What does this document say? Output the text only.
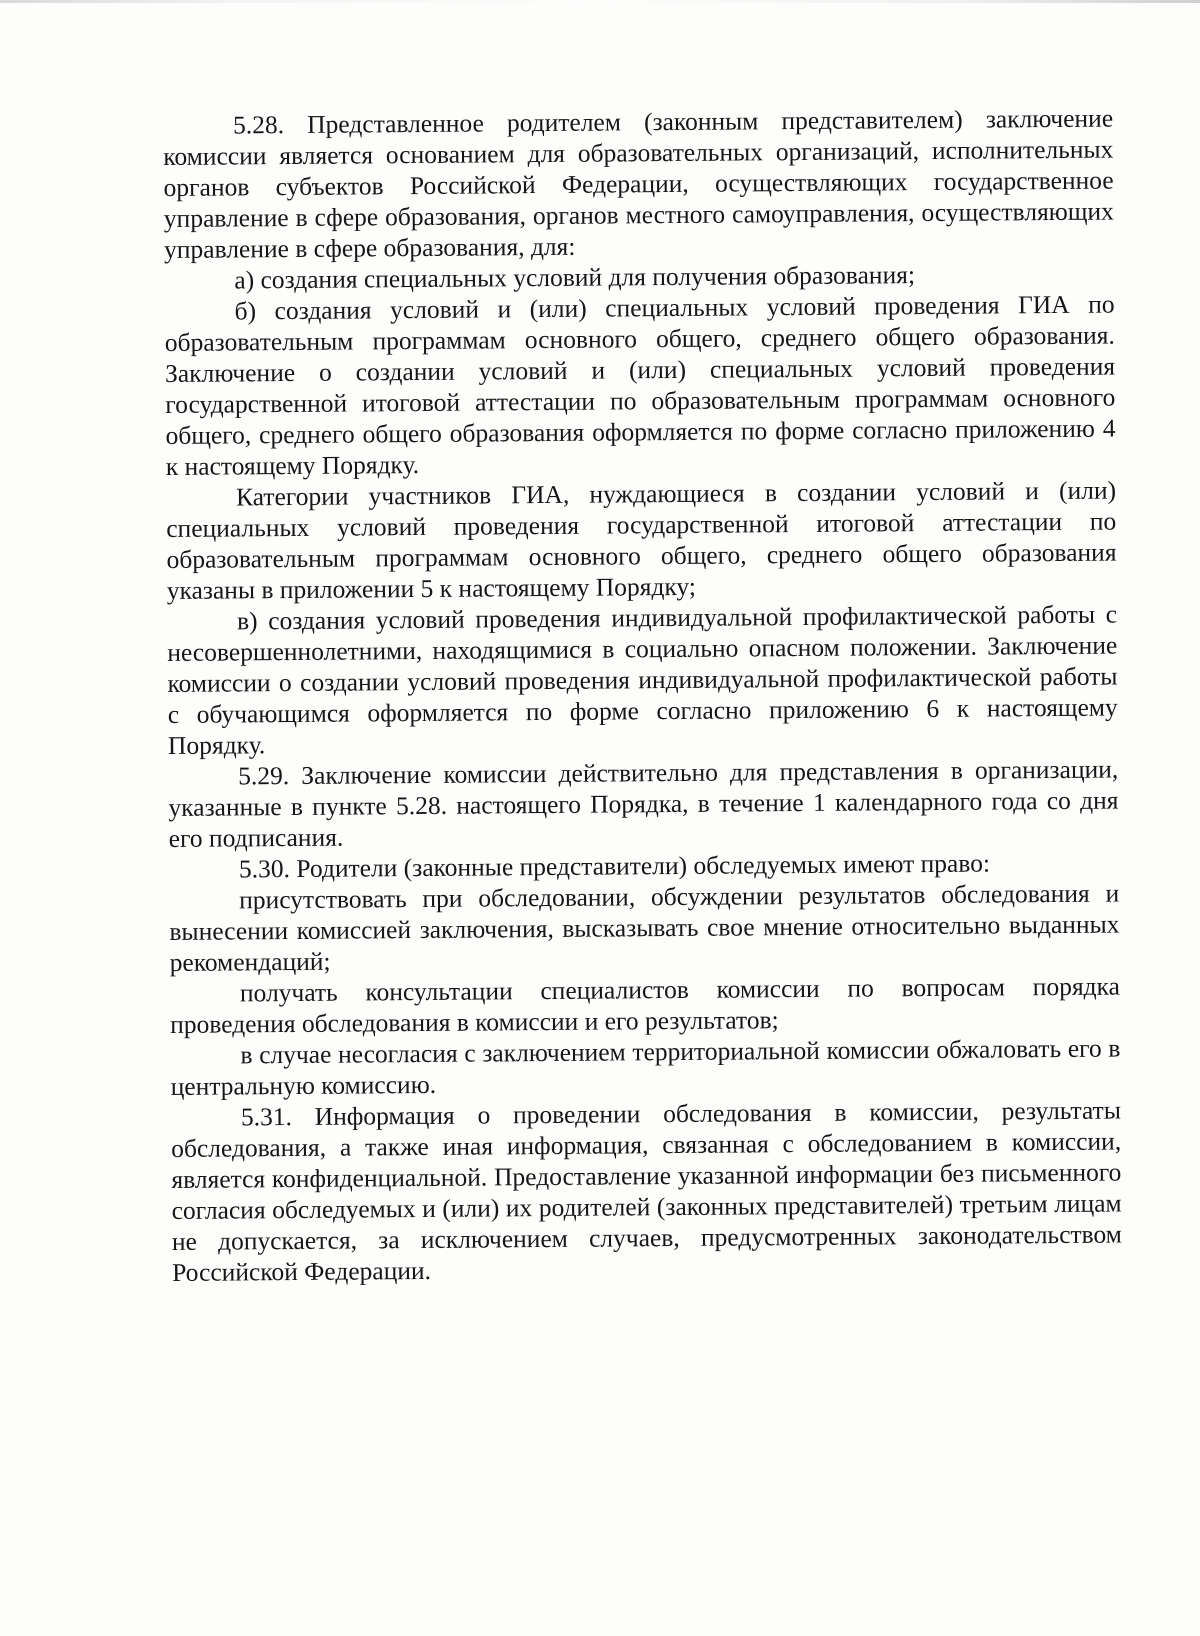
5.28. Представленное родителем (законным представителем) заключение комиссии является основанием для образовательных организаций, исполнительных органов субъектов Российской Федерации, осуществляющих государственное управление в сфере образования, органов местного самоуправления, осуществляющих управление в сфере образования, для:

а) создания специальных условий для получения образования;

б) создания условий и (или) специальных условий проведения ГИА по образовательным программам основного общего, среднего общего образования. Заключение о создании условий и (или) специальных условий проведения государственной итоговой аттестации по образовательным программам основного общего, среднего общего образования оформляется по форме согласно приложению 4 к настоящему Порядку.

Категории участников ГИА, нуждающиеся в создании условий и (или) специальных условий проведения государственной итоговой аттестации по образовательным программам основного общего, среднего общего образования указаны в приложении 5 к настоящему Порядку;

в) создания условий проведения индивидуальной профилактической работы с несовершеннолетними, находящимися в социально опасном положении. Заключение комиссии о создании условий проведения индивидуальной профилактической работы с обучающимся оформляется по форме согласно приложению 6 к настоящему Порядку.

5.29. Заключение комиссии действительно для представления в организации, указанные в пункте 5.28. настоящего Порядка, в течение 1 календарного года со дня его подписания.

5.30. Родители (законные представители) обследуемых имеют право:

присутствовать при обследовании, обсуждении результатов обследования и вынесении комиссией заключения, высказывать свое мнение относительно выданных рекомендаций;

получать консультации специалистов комиссии по вопросам порядка проведения обследования в комиссии и его результатов;

в случае несогласия с заключением территориальной комиссии обжаловать его в центральную комиссию.

5.31. Информация о проведении обследования в комиссии, результаты обследования, а также иная информация, связанная с обследованием в комиссии, является конфиденциальной. Предоставление указанной информации без письменного согласия обследуемых и (или) их родителей (законных представителей) третьим лицам не допускается, за исключением случаев, предусмотренных законодательством Российской Федерации.
